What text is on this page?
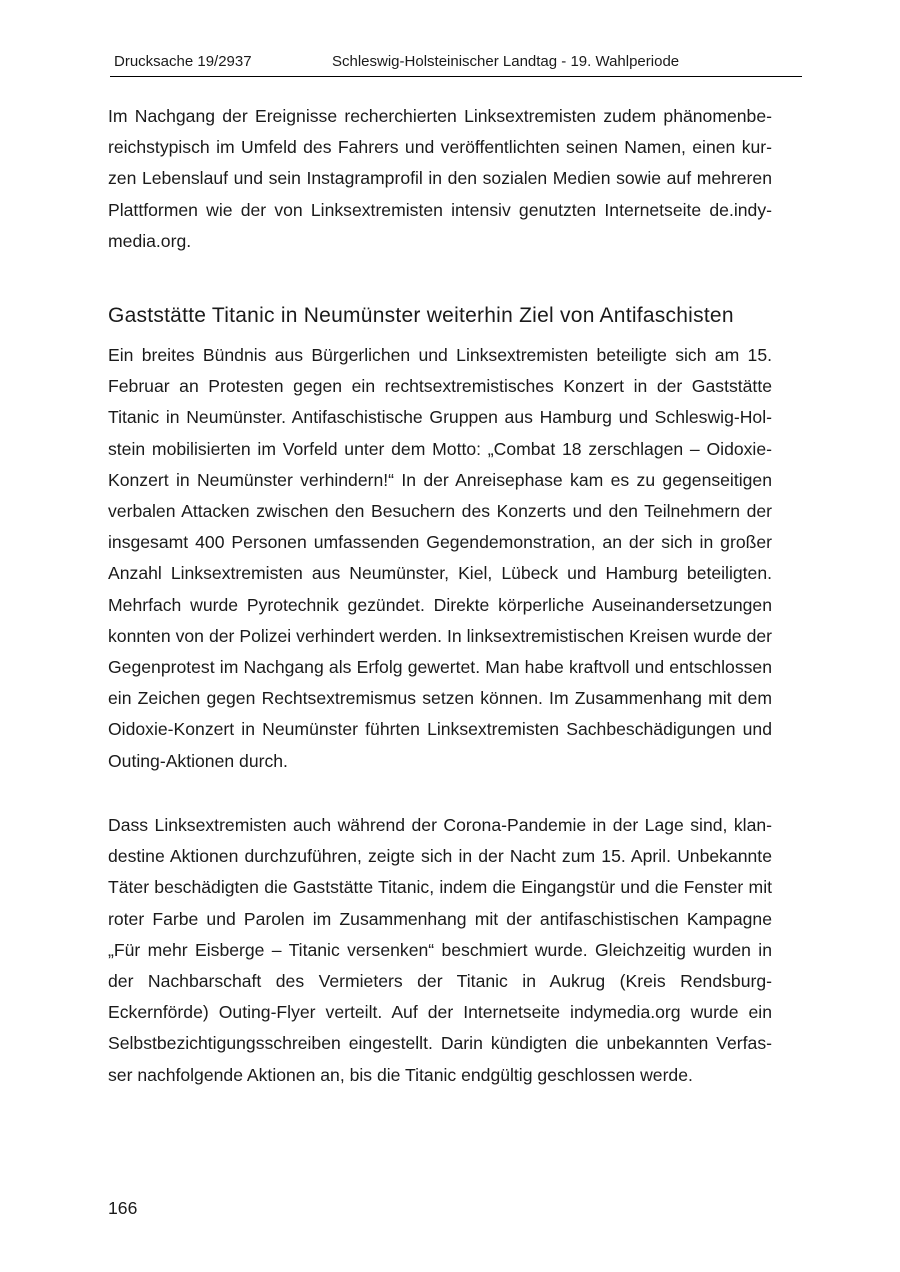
Drucksache 19/2937	Schleswig-Holsteinischer Landtag - 19. Wahlperiode

Im Nachgang der Ereignisse recherchierten Linksextremisten zudem phänomenbereichstypisch im Umfeld des Fahrers und veröffentlichten seinen Namen, einen kurzen Lebenslauf und sein Instagramprofil in den sozialen Medien sowie auf mehreren Plattformen wie der von Linksextremisten intensiv genutzten Internetseite de.indymedia.org.

Gaststätte Titanic in Neumünster weiterhin Ziel von Antifaschisten

Ein breites Bündnis aus Bürgerlichen und Linksextremisten beteiligte sich am 15. Februar an Protesten gegen ein rechtsextremistisches Konzert in der Gaststätte Titanic in Neumünster. Antifaschistische Gruppen aus Hamburg und Schleswig-Holstein mobilisierten im Vorfeld unter dem Motto: „Combat 18 zerschlagen – Oidoxie-Konzert in Neumünster verhindern!“ In der Anreisephase kam es zu gegenseitigen verbalen Attacken zwischen den Besuchern des Konzerts und den Teilnehmern der insgesamt 400 Personen umfassenden Gegendemonstration, an der sich in großer Anzahl Linksextremisten aus Neumünster, Kiel, Lübeck und Hamburg beteiligten. Mehrfach wurde Pyrotechnik gezündet. Direkte körperliche Auseinandersetzungen konnten von der Polizei verhindert werden. In linksextremistischen Kreisen wurde der Gegenprotest im Nachgang als Erfolg gewertet. Man habe kraftvoll und entschlossen ein Zeichen gegen Rechtsextremismus setzen können. Im Zusammenhang mit dem Oidoxie-Konzert in Neumünster führten Linksextremisten Sachbeschädigungen und Outing-Aktionen durch.

Dass Linksextremisten auch während der Corona-Pandemie in der Lage sind, klandestine Aktionen durchzuführen, zeigte sich in der Nacht zum 15. April. Unbekannte Täter beschädigten die Gaststätte Titanic, indem die Eingangstür und die Fenster mit roter Farbe und Parolen im Zusammenhang mit der antifaschistischen Kampagne „Für mehr Eisberge – Titanic versenken“ beschmiert wurde. Gleichzeitig wurden in der Nachbarschaft des Vermieters der Titanic in Aukrug (Kreis Rendsburg-Eckernförde) Outing-Flyer verteilt. Auf der Internetseite indymedia.org wurde ein Selbstbezichtigungsschreiben eingestellt. Darin kündigten die unbekannten Verfasser nachfolgende Aktionen an, bis die Titanic endgültig geschlossen werde.

166
